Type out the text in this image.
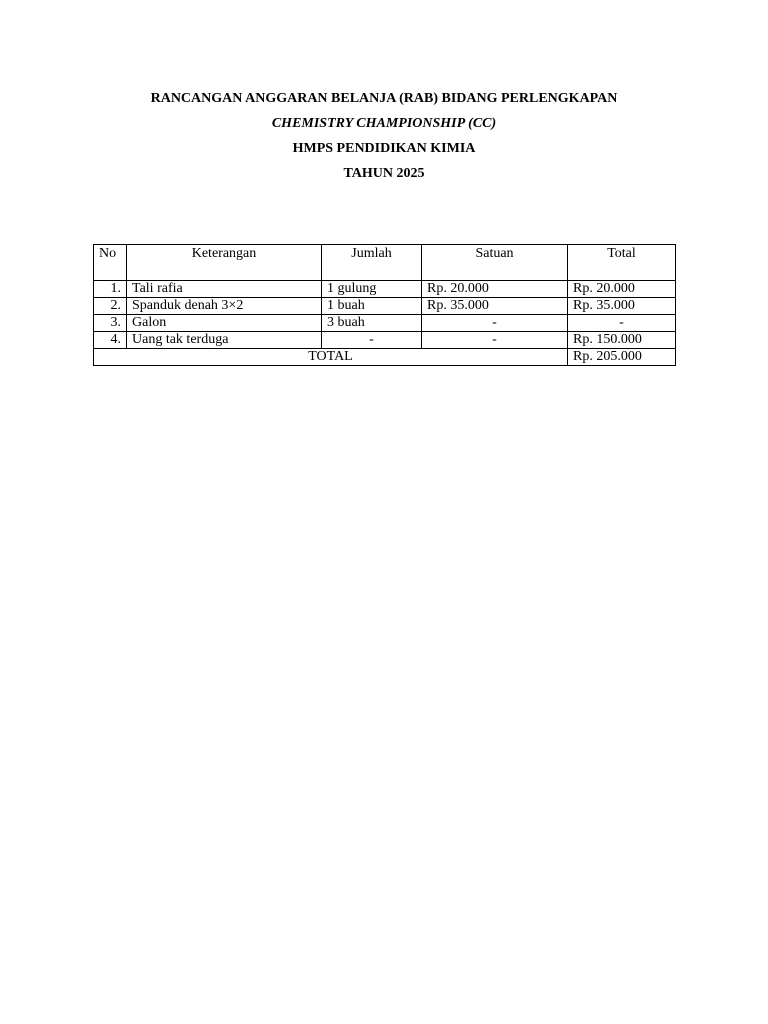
RANCANGAN ANGGARAN BELANJA (RAB) BIDANG PERLENGKAPAN
CHEMISTRY CHAMPIONSHIP (CC)
HMPS PENDIDIKAN KIMIA
TAHUN 2025
No	Keterangan	Jumlah	Satuan	Total
1.	Tali rafia	1 gulung	Rp. 20.000	Rp. 20.000
2.	Spanduk denah 3×2	1 buah	Rp. 35.000	Rp. 35.000
3.	Galon	3 buah	-	-
4.	Uang tak terduga	-	-	Rp. 150.000
TOTAL				Rp. 205.000
